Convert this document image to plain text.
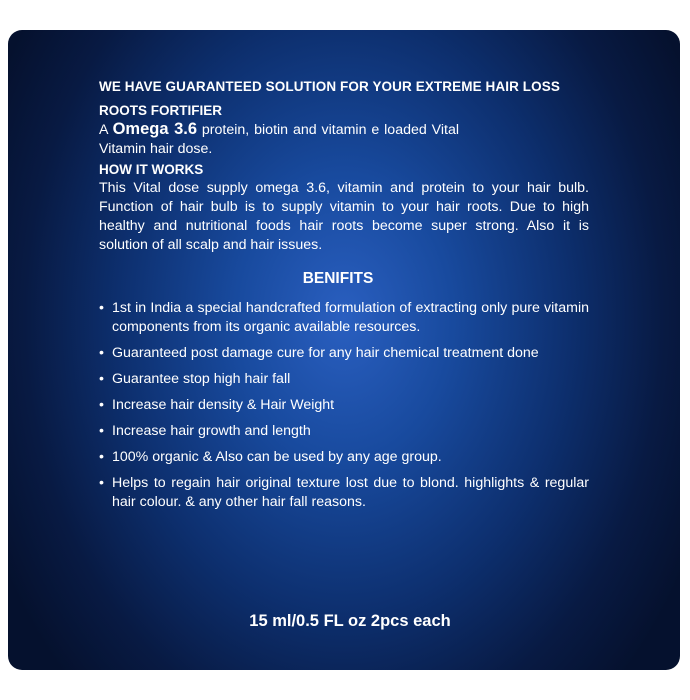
WE HAVE GUARANTEED SOLUTION FOR YOUR EXTREME HAIR LOSS
ROOTS FORTIFIER
A Omega 3.6 protein, biotin and vitamin e loaded Vital Vitamin hair dose.
HOW IT WORKS
This Vital dose supply omega 3.6, vitamin and protein to your hair bulb. Function of hair bulb is to supply vitamin to your hair roots. Due to high healthy and nutritional foods hair roots become super strong. Also it is solution of all scalp and hair issues.
BENIFITS
• 1st in India a special handcrafted formulation of extracting only pure vitamin components from its organic available resources.
• Guaranteed post damage cure for any hair chemical treatment done
• Guarantee stop high hair fall
• Increase hair density & Hair Weight
• Increase hair growth and length
• 100% organic & Also can be used by any age group.
• Helps to regain hair original texture lost due to blond. highlights & regular hair colour. & any other hair fall reasons.
15 ml/0.5 FL oz 2pcs each
